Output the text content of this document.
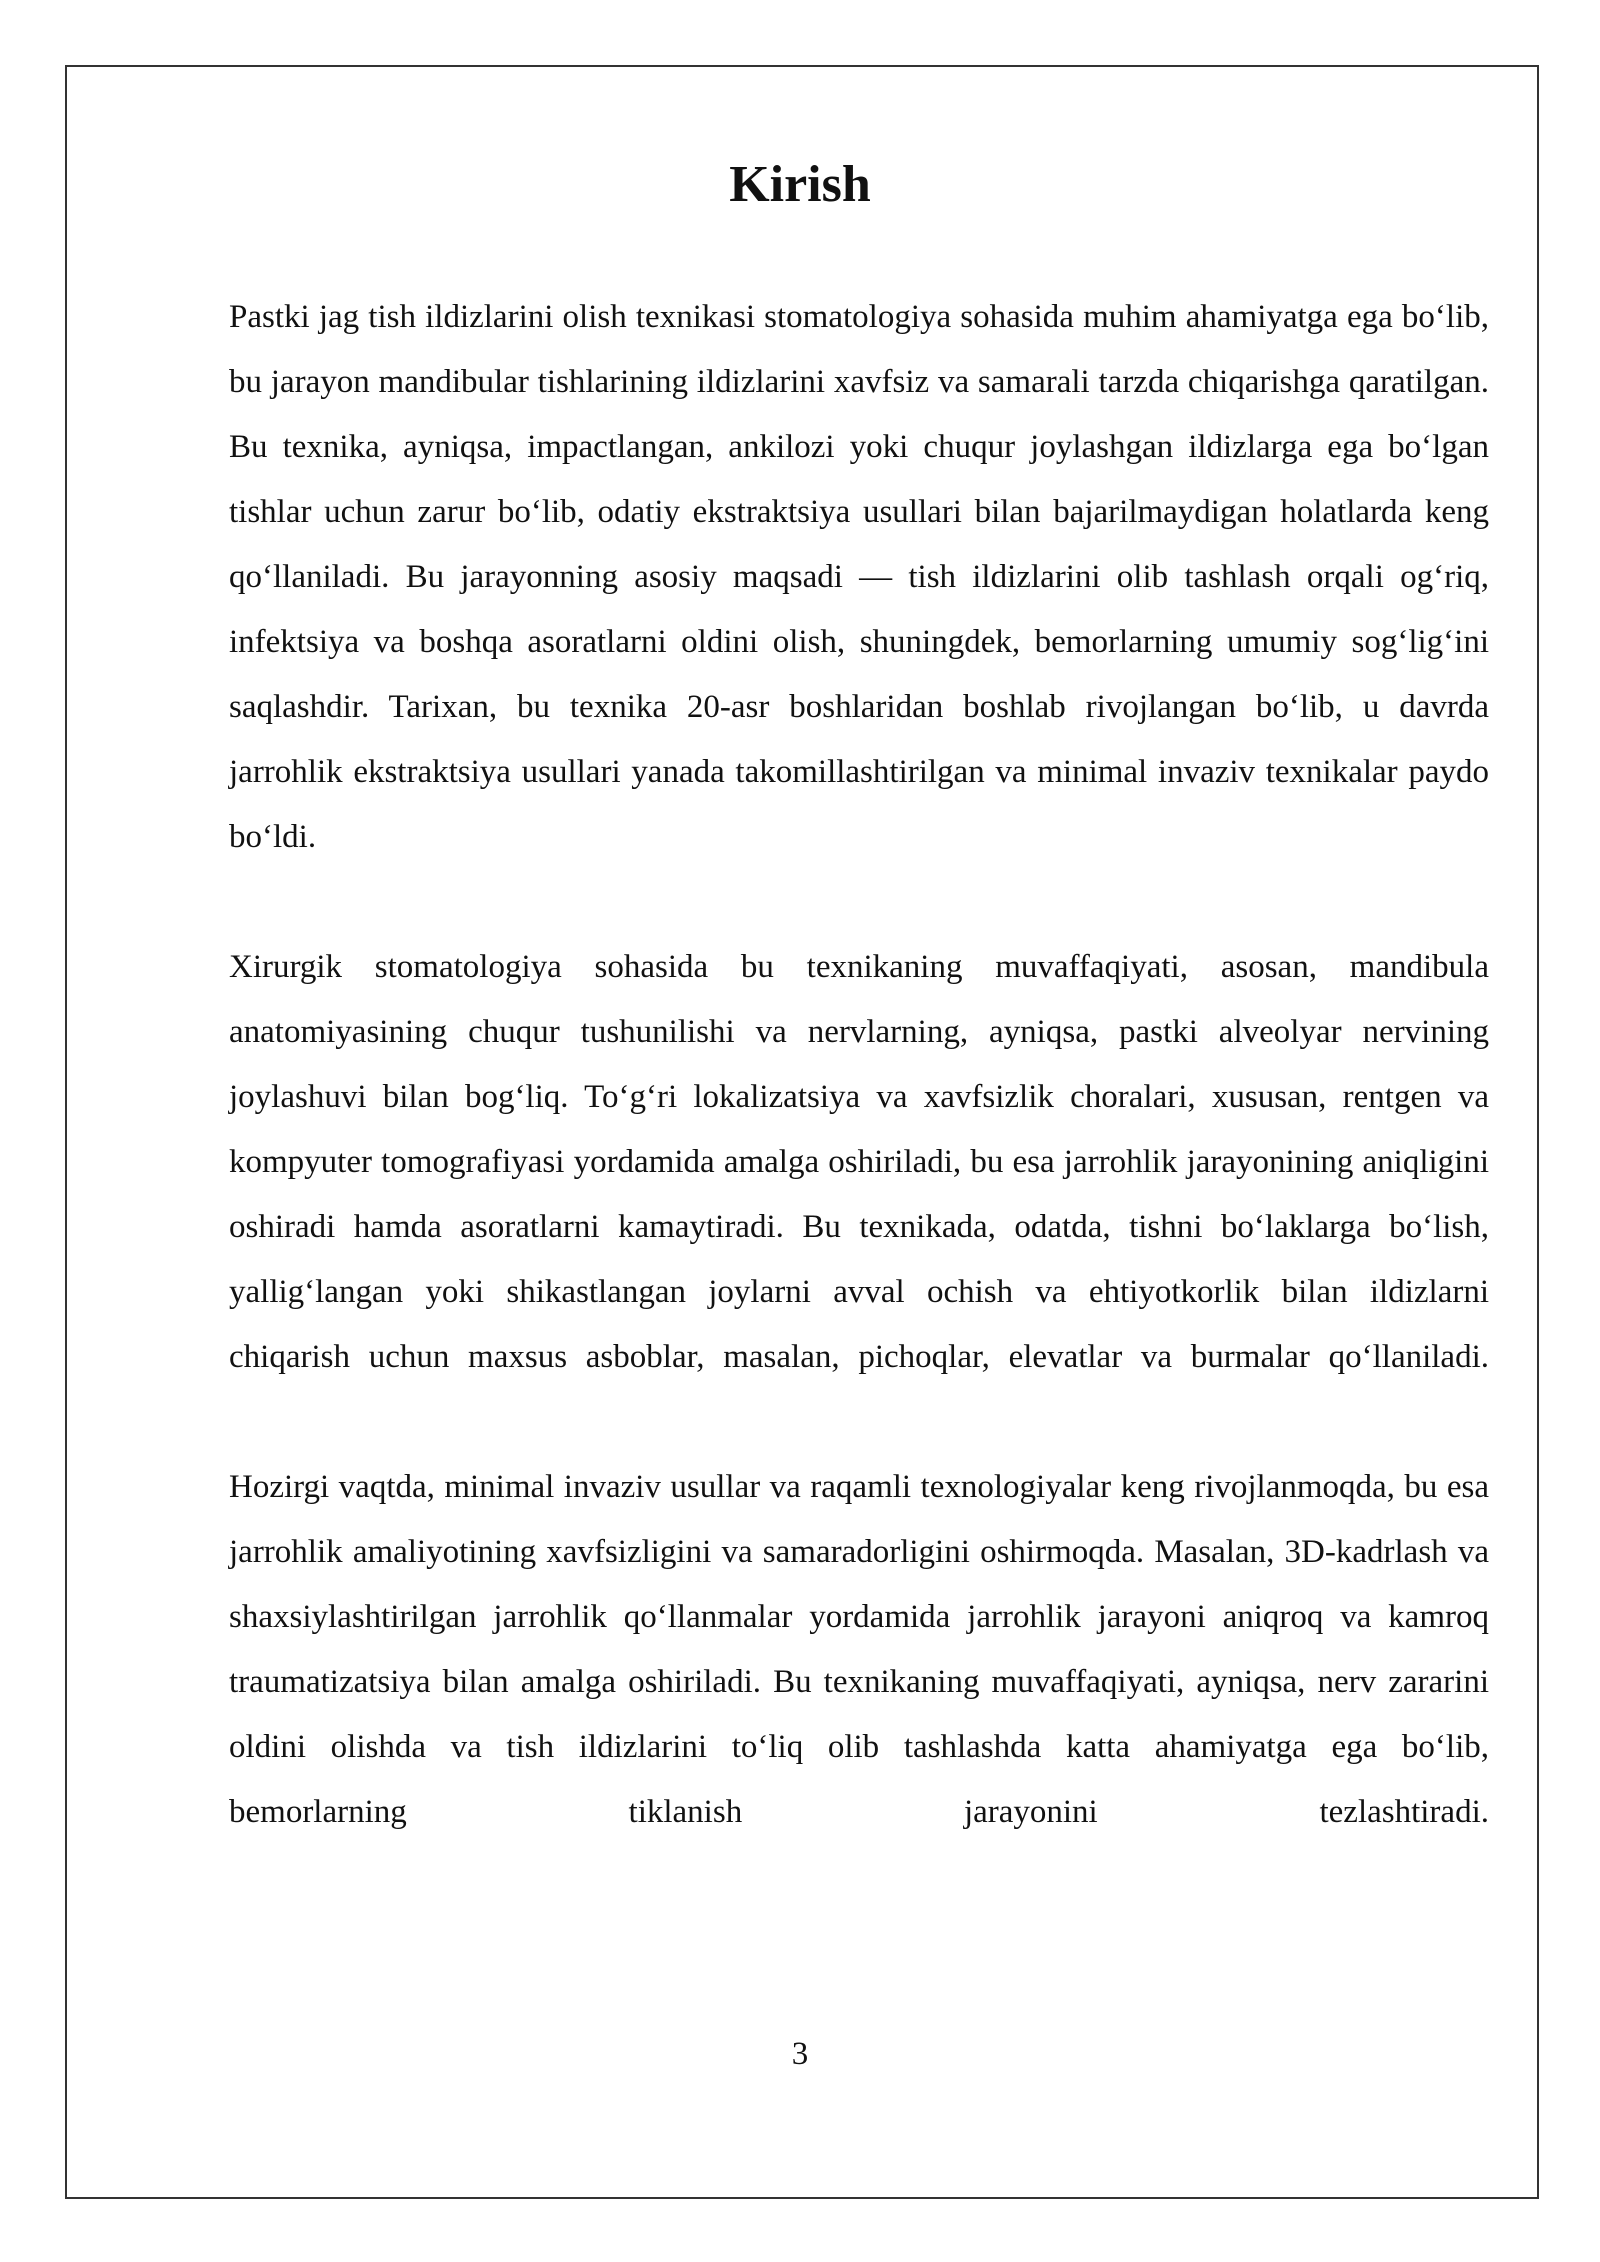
Kirish

Pastki jag tish ildizlarini olish texnikasi stomatologiya sohasida muhim ahamiyatga ega bo‘lib, bu jarayon mandibular tishlarining ildizlarini xavfsiz va samarali tarzda chiqarishga qaratilgan. Bu texnika, ayniqsa, impactlangan, ankilozi yoki chuqur joylashgan ildizlarga ega bo‘lgan tishlar uchun zarur bo‘lib, odatiy ekstraktsiya usullari bilan bajarilmaydigan holatlarda keng qo‘llaniladi. Bu jarayonning asosiy maqsadi — tish ildizlarini olib tashlash orqali og‘riq, infektsiya va boshqa asoratlarni oldini olish, shuningdek, bemorlarning umumiy sog‘lig‘ini saqlashdir. Tarixan, bu texnika 20-asr boshlaridan boshlab rivojlangan bo‘lib, u davrda jarrohlik ekstraktsiya usullari yanada takomillashtirilgan va minimal invaziv texnikalar paydo bo‘ldi.

Xirurgik stomatologiya sohasida bu texnikaning muvaffaqiyati, asosan, mandibula anatomiyasining chuqur tushunilishi va nervlarning, ayniqsa, pastki alveolyar nervining joylashuvi bilan bog‘liq. To‘g‘ri lokalizatsiya va xavfsizlik choralari, xususan, rentgen va kompyuter tomografiyasi yordamida amalga oshiriladi, bu esa jarrohlik jarayonining aniqligini oshiradi hamda asoratlarni kamaytiradi. Bu texnikada, odatda, tishni bo‘laklarga bo‘lish, yallig‘langan yoki shikastlangan joylarni avval ochish va ehtiyotkorlik bilan ildizlarni chiqarish uchun maxsus asboblar, masalan, pichoqlar, elevatlar va burmalar qo‘llaniladi.

Hozirgi vaqtda, minimal invaziv usullar va raqamli texnologiyalar keng rivojlanmoqda, bu esa jarrohlik amaliyotining xavfsizligini va samaradorligini oshirmoqda. Masalan, 3D-kadrlash va shaxsiylashtirilgan jarrohlik qo‘llanmalar yordamida jarrohlik jarayoni aniqroq va kamroq traumatizatsiya bilan amalga oshiriladi. Bu texnikaning muvaffaqiyati, ayniqsa, nerv zararini oldini olishda va tish ildizlarini to‘liq olib tashlashda katta ahamiyatga ega bo‘lib, bemorlarning tiklanish jarayonini tezlashtiradi.

3
